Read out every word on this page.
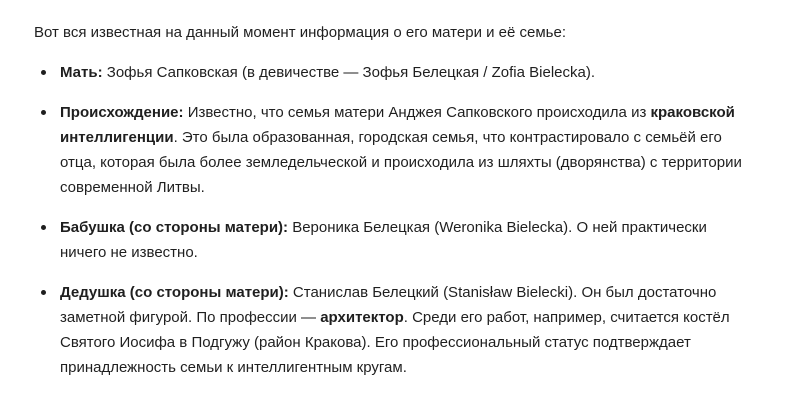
Вот вся известная на данный момент информация о его матери и её семье:

Мать: Зофья Сапковская (в девичестве — Зофья Белецкая / Zofia Bielecka).
Происхождение: Известно, что семья матери Анджея Сапковского происходила из краковской интеллигенции. Это была образованная, городская семья, что контрастировало с семьёй его отца, которая была более земледельческой и происходила из шляхты (дворянства) с территории современной Литвы.
Бабушка (со стороны матери): Вероника Белецкая (Weronika Bielecka). О ней практически ничего не известно.
Дедушка (со стороны матери): Станислав Белецкий (Stanisław Bielecki). Он был достаточно заметной фигурой. По профессии — архитектор. Среди его работ, например, считается костёл Святого Иосифа в Подгужу (район Кракова). Его профессиональный статус подтверждает принадлежность семьи к интеллигентным кругам.
